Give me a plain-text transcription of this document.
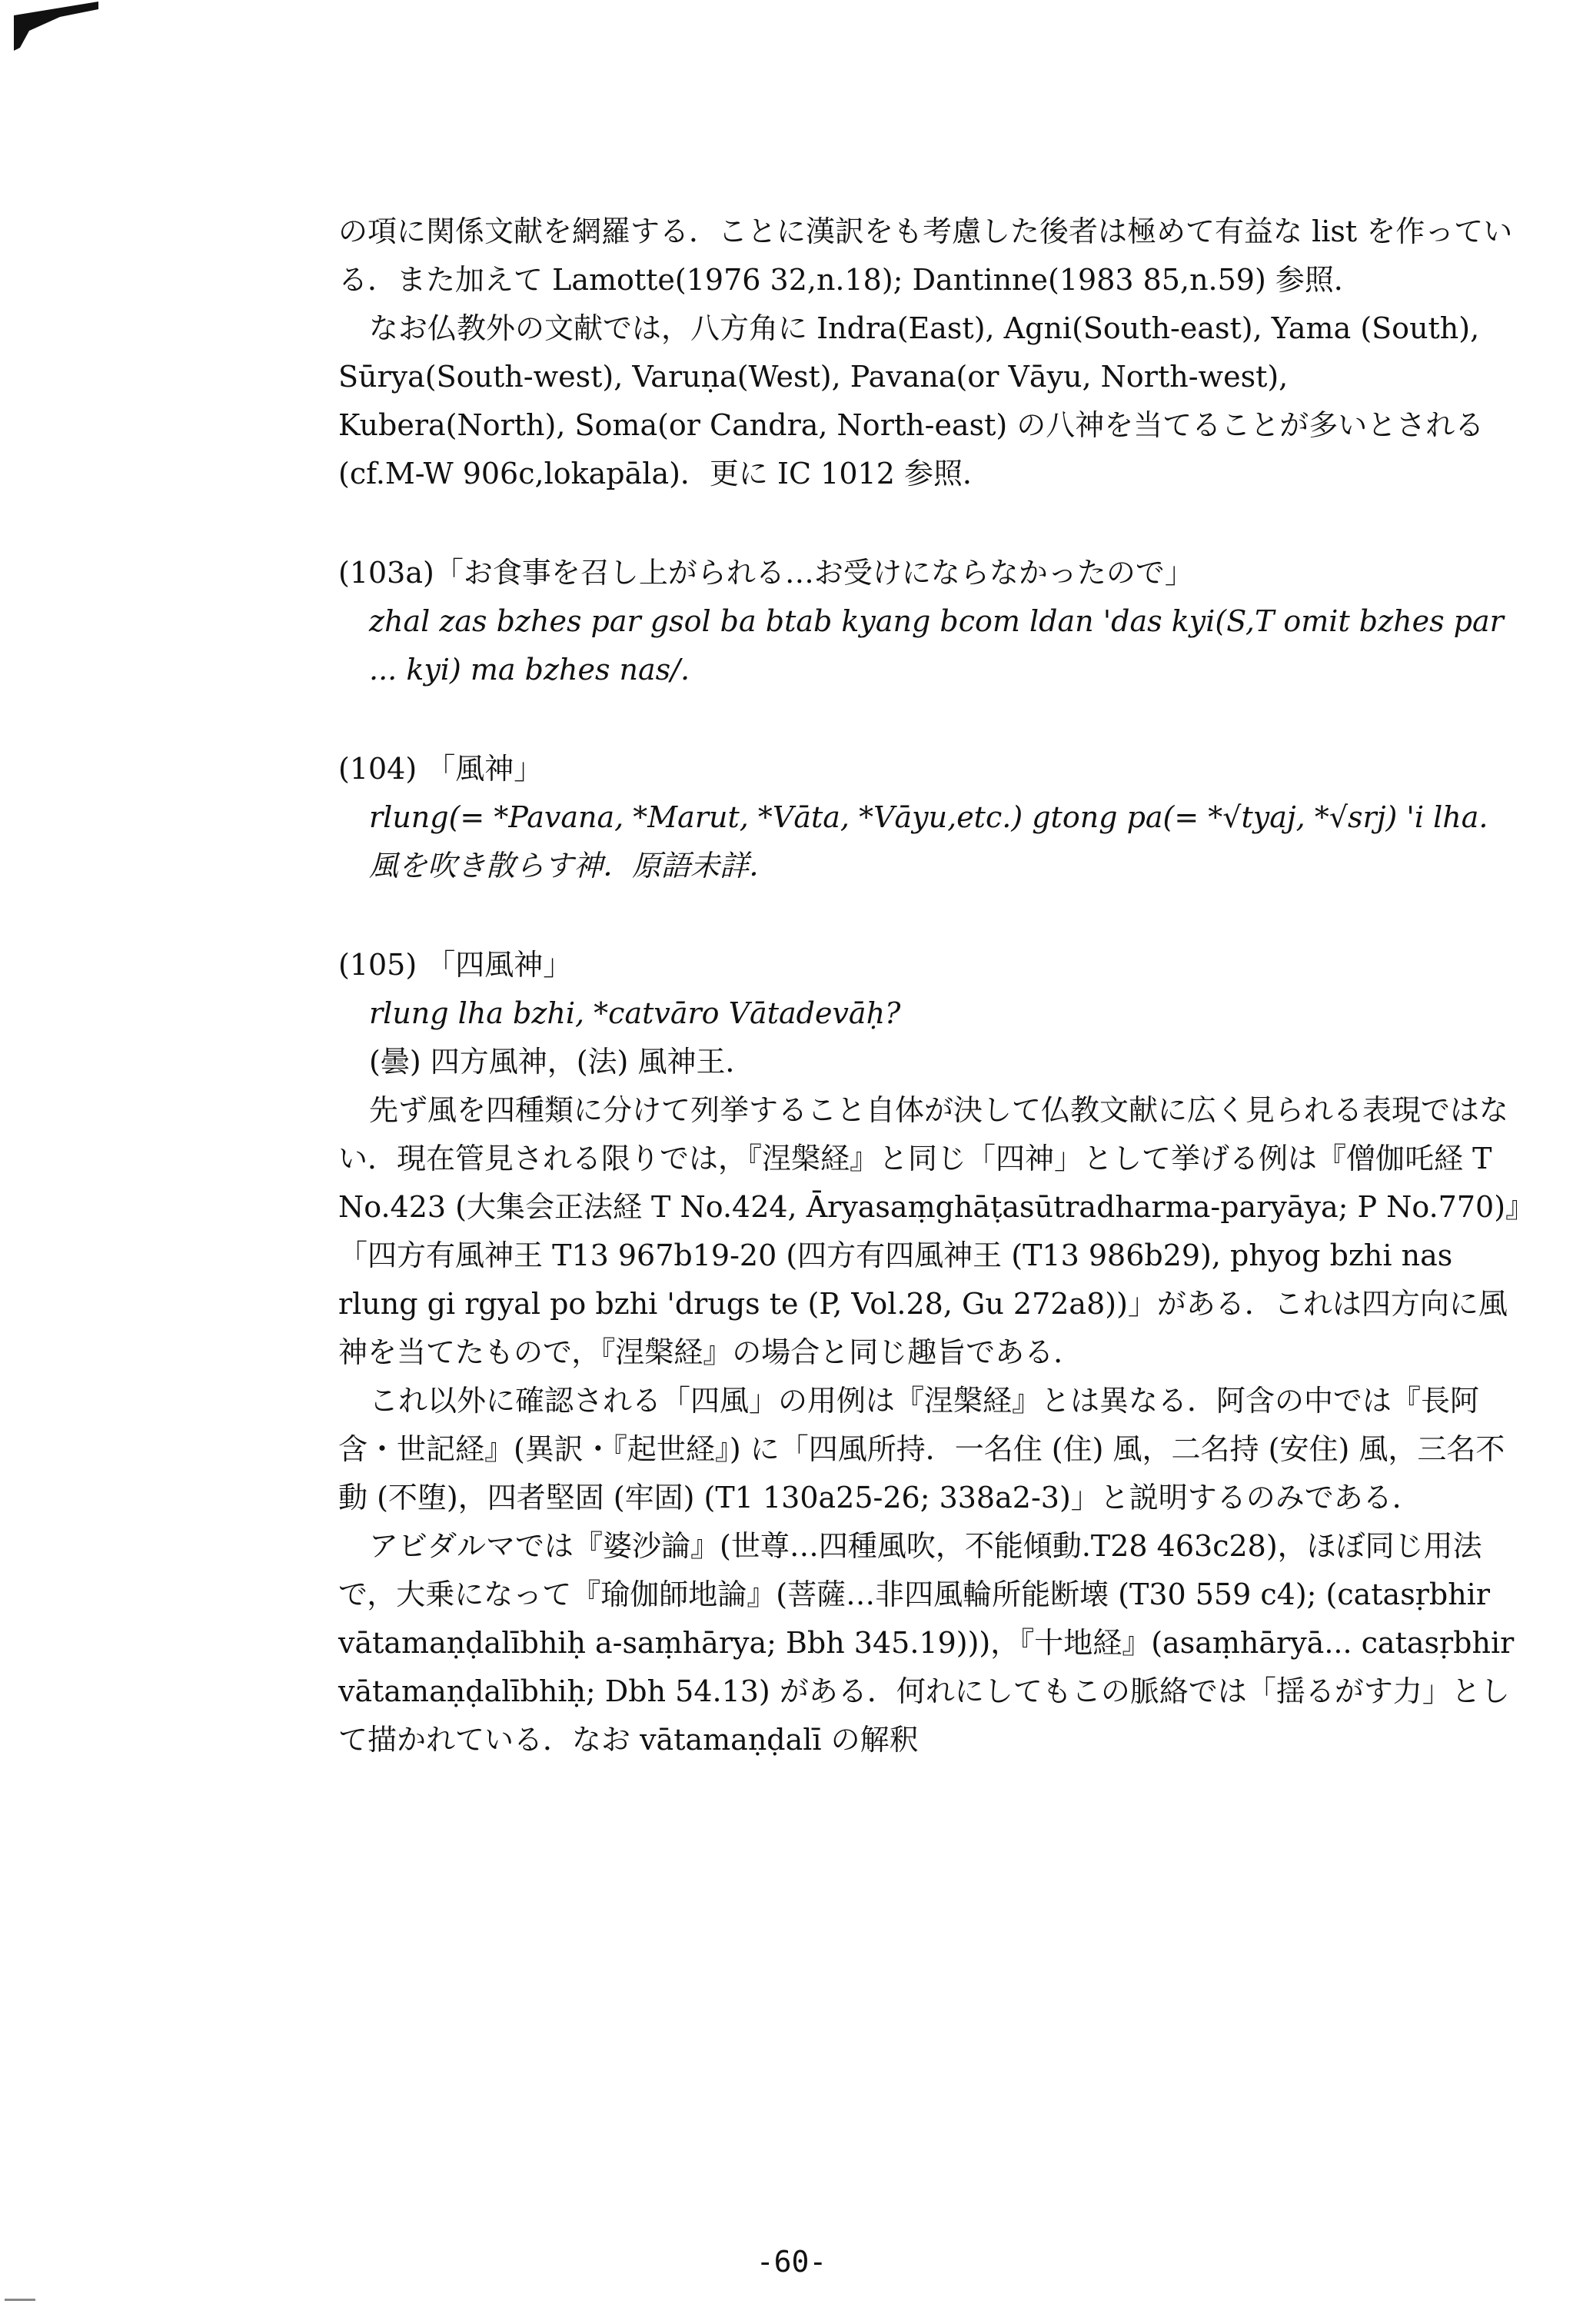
の項に関係文献を網羅する．ことに漢訳をも考慮した後者は極めて有益な list を作っている．また加えて Lamotte(1976 32,n.18); Dantinne(1983 85,n.59) 参照．

なお仏教外の文献では，八方角に Indra(East), Agni(South-east), Yama (South), Sūrya(South-west), Varuṇa(West), Pavana(or Vāyu, North-west), Kubera(North), Soma(or Candra, North-east) の八神を当てることが多いとされる(cf.M-W 906c,lokapāla)．更に IC 1012 参照．

(103a)「お食事を召し上がられる…お受けにならなかったので」

zhal zas bzhes par gsol ba btab kyang bcom ldan 'das kyi(S,T omit bzhes par ... kyi) ma bzhes nas/.

(104) 「風神」

rlung(= *Pavana, *Marut, *Vāta, *Vāyu,etc.) gtong pa(= *√tyaj, *√srj) 'i lha. 風を吹き散らす神．原語未詳．

(105) 「四風神」

rlung lha bzhi, *catvāro Vātadevāḥ?

(曇) 四方風神，(法) 風神王．

先ず風を四種類に分けて列挙すること自体が決して仏教文献に広く見られる表現ではない．現在管見される限りでは，『涅槃経』と同じ「四神」として挙げる例は『僧伽吒経 T No.423 (大集会正法経 T No.424, Āryasaṃghāṭasūtradharma-paryāya; P No.770)』「四方有風神王 T13 967b19-20 (四方有四風神王 (T13 986b29), phyog bzhi nas rlung gi rgyal po bzhi 'drugs te (P, Vol.28, Gu 272a8))」がある．これは四方向に風神を当てたもので，『涅槃経』の場合と同じ趣旨である．

これ以外に確認される「四風」の用例は『涅槃経』とは異なる．阿含の中では『長阿含・世記経』(異訳・『起世経』) に「四風所持．一名住 (住) 風，二名持 (安住) 風，三名不動 (不堕)，四者堅固 (牢固) (T1 130a25-26; 338a2-3)」と説明するのみである．

アビダルマでは『婆沙論』(世尊…四種風吹，不能傾動.T28 463c28)，ほぼ同じ用法で，大乗になって『瑜伽師地論』(菩薩…非四風輪所能断壊 (T30 559 c4); (catasṛbhir vātamaṇḍalībhiḥ a-saṃhārya; Bbh 345.19)))，『十地経』(asaṃhāryā... catasṛbhir vātamaṇḍalībhiḥ; Dbh 54.13) がある．何れにしてもこの脈絡では「揺るがす力」として描かれている．なお vātamaṇḍalī の解釈

-60-
